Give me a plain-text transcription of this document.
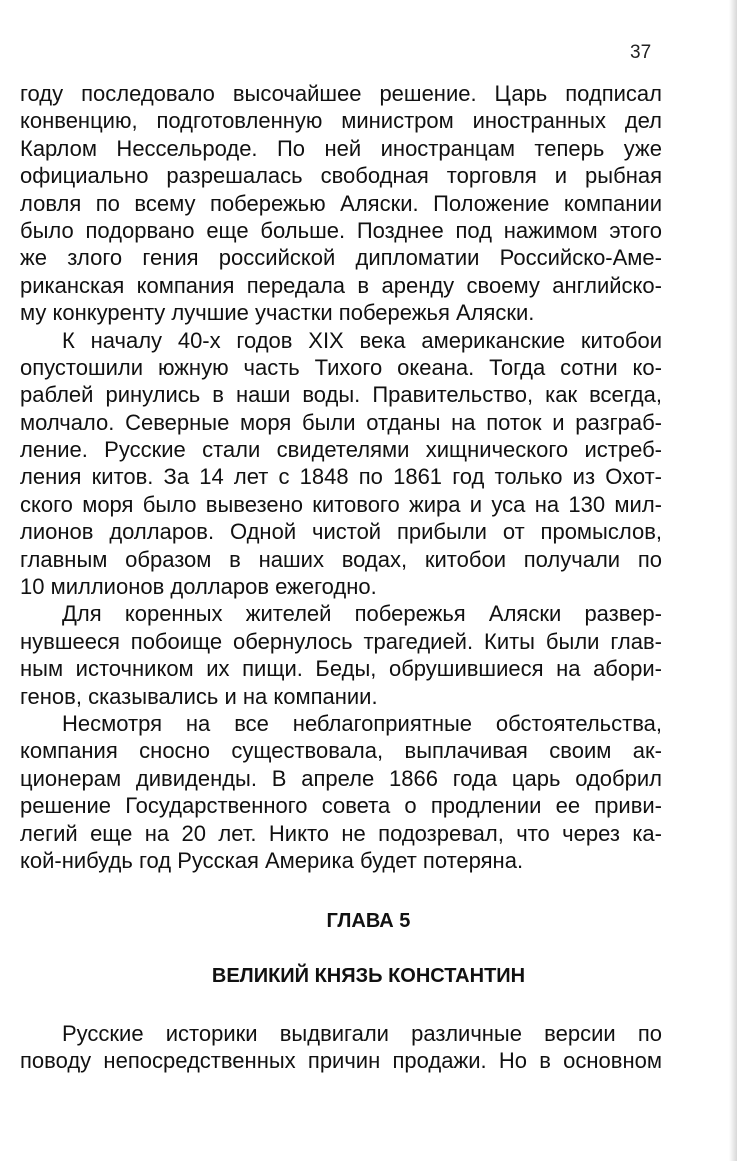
37
году последовало высочайшее решение. Царь подписал
конвенцию, подготовленную министром иностранных дел
Карлом Нессельроде. По ней иностранцам теперь уже
официально разрешалась свободная торговля и рыбная
ловля по всему побережью Аляски. Положение компании
было подорвано еще больше. Позднее под нажимом этого
же злого гения российской дипломатии Российско-Аме-
риканская компания передала в аренду своему английско-
му конкуренту лучшие участки побережья Аляски.
К началу 40-х годов XIX века американские китобои
опустошили южную часть Тихого океана. Тогда сотни ко-
раблей ринулись в наши воды. Правительство, как всегда,
молчало. Северные моря были отданы на поток и разграб-
ление. Русские стали свидетелями хищнического истреб-
ления китов. За 14 лет с 1848 по 1861 год только из Охот-
ского моря было вывезено китового жира и уса на 130 мил-
лионов долларов. Одной чистой прибыли от промыслов,
главным образом в наших водах, китобои получали по
10 миллионов долларов ежегодно.
Для коренных жителей побережья Аляски развер-
нувшееся побоище обернулось трагедией. Киты были глав-
ным источником их пищи. Беды, обрушившиеся на абори-
генов, сказывались и на компании.
Несмотря на все неблагоприятные обстоятельства,
компания сносно существовала, выплачивая своим ак-
ционерам дивиденды. В апреле 1866 года царь одобрил
решение Государственного совета о продлении ее приви-
легий еще на 20 лет. Никто не подозревал, что через ка-
кой-нибудь год Русская Америка будет потеряна.
ГЛАВА 5
ВЕЛИКИЙ КНЯЗЬ КОНСТАНТИН
Русские историки выдвигали различные версии по
поводу непосредственных причин продажи. Но в основном
